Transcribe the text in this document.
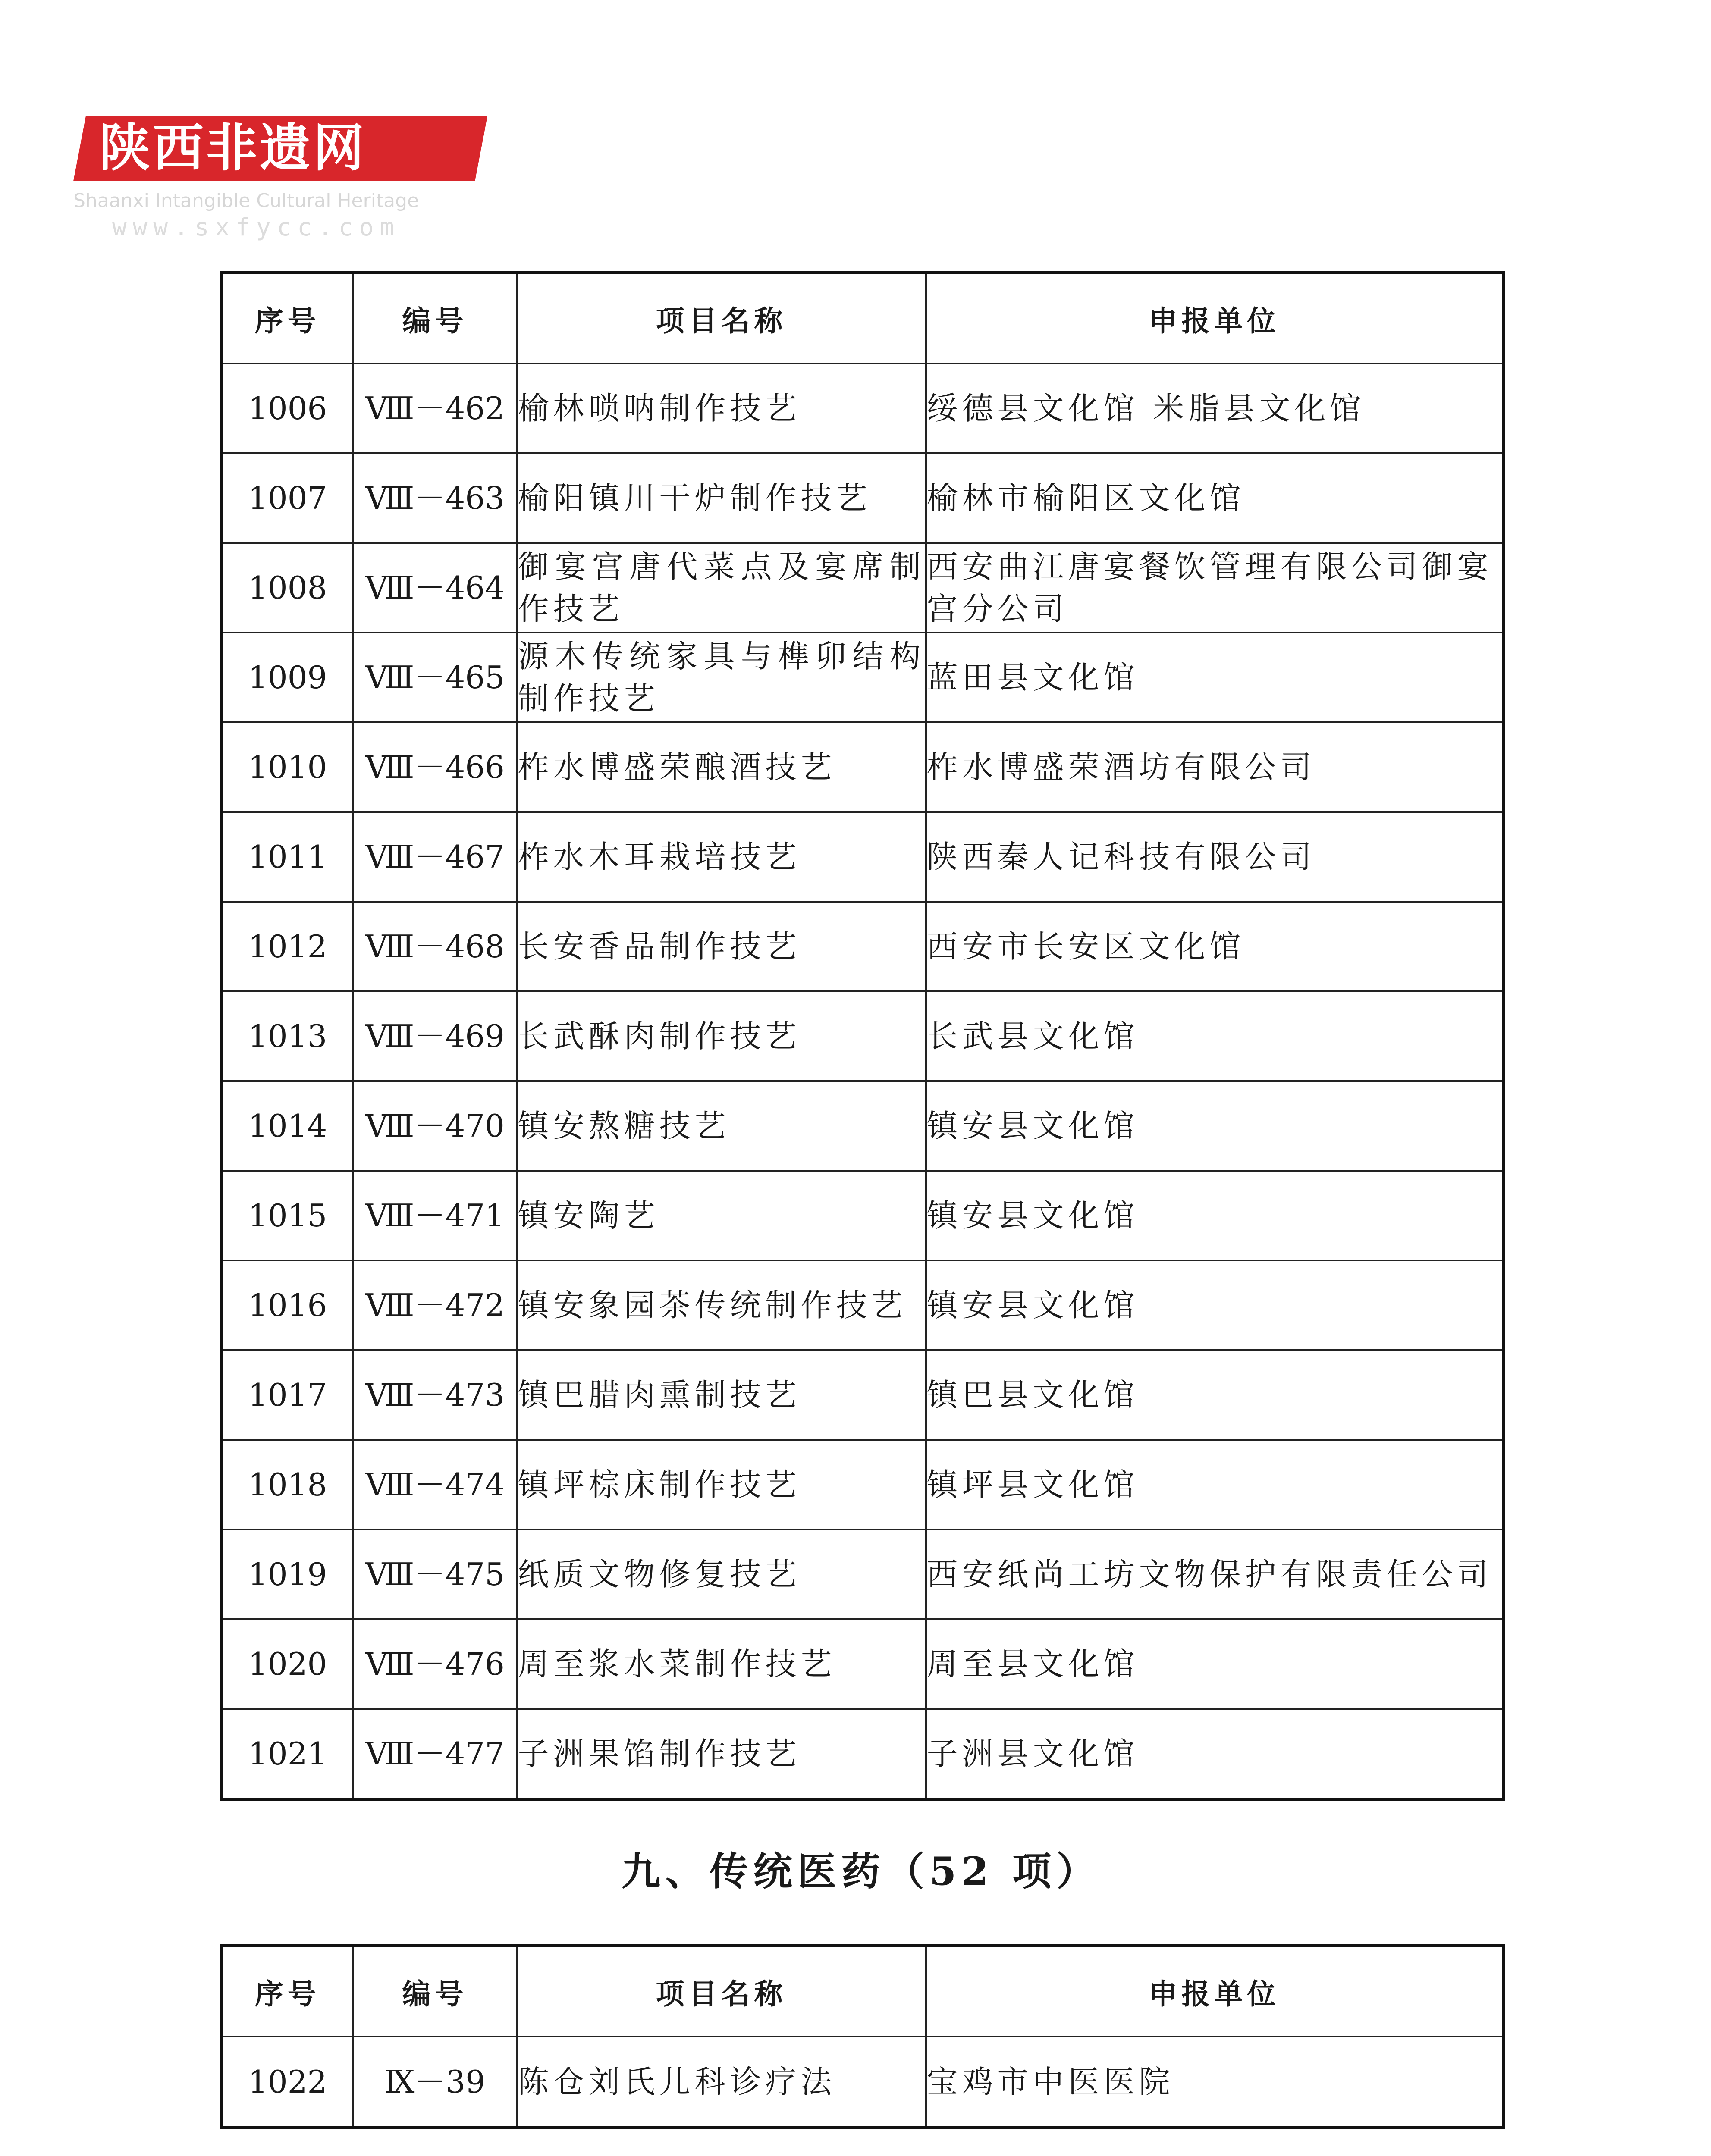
陕西非遗网
Shaanxi Intangible Cultural Heritage
www.sxfycc.com
序号	编号	项目名称	申报单位
1006	Ⅷ－462	榆林唢呐制作技艺	绥德县文化馆 米脂县文化馆
1007	Ⅷ－463	榆阳镇川干炉制作技艺	榆林市榆阳区文化馆
1008	Ⅷ－464	御宴宫唐代菜点及宴席制作技艺	西安曲江唐宴餐饮管理有限公司御宴宫分公司
1009	Ⅷ－465	源木传统家具与榫卯结构制作技艺	蓝田县文化馆
1010	Ⅷ－466	柞水博盛荣酿酒技艺	柞水博盛荣酒坊有限公司
1011	Ⅷ－467	柞水木耳栽培技艺	陕西秦人记科技有限公司
1012	Ⅷ－468	长安香品制作技艺	西安市长安区文化馆
1013	Ⅷ－469	长武酥肉制作技艺	长武县文化馆
1014	Ⅷ－470	镇安熬糖技艺	镇安县文化馆
1015	Ⅷ－471	镇安陶艺	镇安县文化馆
1016	Ⅷ－472	镇安象园茶传统制作技艺	镇安县文化馆
1017	Ⅷ－473	镇巴腊肉熏制技艺	镇巴县文化馆
1018	Ⅷ－474	镇坪棕床制作技艺	镇坪县文化馆
1019	Ⅷ－475	纸质文物修复技艺	西安纸尚工坊文物保护有限责任公司
1020	Ⅷ－476	周至浆水菜制作技艺	周至县文化馆
1021	Ⅷ－477	子洲果馅制作技艺	子洲县文化馆
九、传统医药（52 项）
序号	编号	项目名称	申报单位
1022	Ⅸ－39	陈仓刘氏儿科诊疗法	宝鸡市中医医院
